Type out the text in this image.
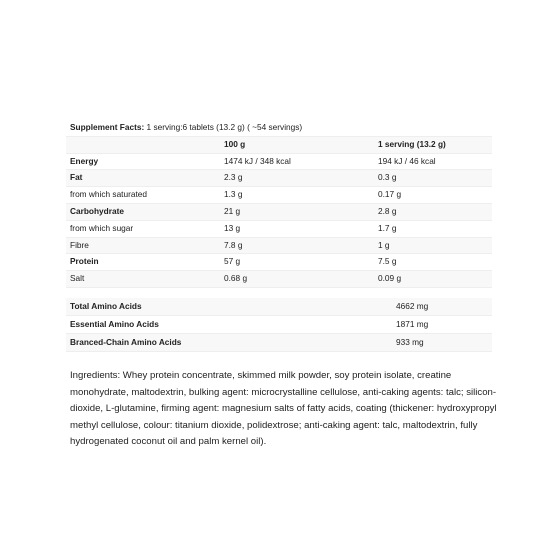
Supplement Facts: 1 serving:6 tablets (13.2 g) ( ~54 servings)		
	100 g	1 serving (13.2 g)
Energy	1474 kJ / 348 kcal	194 kJ / 46 kcal
Fat	2.3 g	0.3 g
from which saturated	1.3 g	0.17 g
Carbohydrate	21 g	2.8 g
from which sugar	13 g	1.7 g
Fibre	7.8 g	1 g
Protein	57 g	7.5 g
Salt	0.68 g	0.09 g
Total Amino Acids	4662 mg
Essential Amino Acids	1871 mg
Branced-Chain Amino Acids	933 mg
Ingredients: Whey protein concentrate, skimmed milk powder, soy protein isolate, creatine monohydrate, maltodextrin, bulking agent: microcrystalline cellulose, anti-caking agents: talc; silicon-dioxide, L-glutamine, firming agent: magnesium salts of fatty acids, coating (thickener: hydroxypropyl methyl cellulose, colour: titanium dioxide, polidextrose; anti-caking agent: talc, maltodextrin, fully hydrogenated coconut oil and palm kernel oil).
